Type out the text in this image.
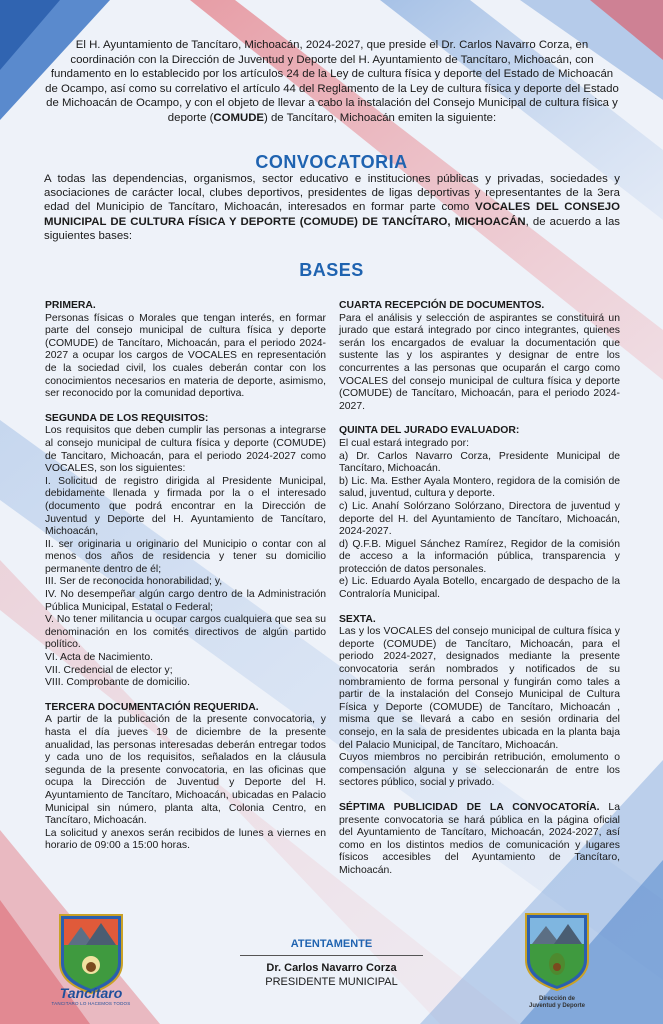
El H. Ayuntamiento de Tancítaro, Michoacán, 2024-2027, que preside el Dr. Carlos Navarro Corza, en coordinación con la Dirección de Juventud y Deporte del H. Ayuntamiento de Tancítaro, Michoacán, con fundamento en lo establecido por los artículos 24 de la Ley de cultura física y deporte del Estado de Michoacán de Ocampo, así como su correlativo el artículo 44 del Reglamento de la Ley de cultura física y deporte del Estado de Michoacán de Ocampo, y con el objeto de llevar a cabo la instalación del Consejo Municipal de cultura física y deporte (COMUDE) de Tancítaro, Michoacán emiten la siguiente:

CONVOCATORIA

A todas las dependencias, organismos, sector educativo e instituciones públicas y privadas, sociedades y asociaciones de carácter local, clubes deportivos, presidentes de ligas deportivas y representantes de la 3era edad del Municipio de Tancítaro, Michoacán, interesados en formar parte como VOCALES DEL CONSEJO MUNICIPAL DE CULTURA FÍSICA Y DEPORTE (COMUDE) DE TANCÍTARO, MICHOACÁN, de acuerdo a las siguientes bases:

BASES

PRIMERA.

Personas físicas o Morales que tengan interés, en formar parte del consejo municipal de cultura física y deporte (COMUDE) de Tancítaro, Michoacán, para el periodo 2024-2027 a ocupar los cargos de VOCALES en representación de la sociedad civil, los cuales deberán contar con los conocimientos necesarios en materia de deporte, asimismo, ser reconocido por la comunidad deportiva.

SEGUNDA DE LOS REQUISITOS:

Los requisitos que deben cumplir las personas a integrarse al consejo municipal de cultura física y deporte (COMUDE) de Tancitaro, Michoacán, para el periodo 2024-2027 como VOCALES, son los siguientes:

I. Solicitud de registro dirigida al Presidente Municipal, debidamente llenada y firmada por la o el interesado (documento que podrá encontrar en la Dirección de Juventud y Deporte del H. Ayuntamiento de Tancítaro, Michoacán,

II. ser originaria u originario del Municipio o contar con al menos dos años de residencia y tener su domicilio permanente dentro de él;

III. Ser de reconocida honorabilidad; y,

IV. No desempeñar algún cargo dentro de la Administración Pública Municipal, Estatal o Federal;

V. No tener militancia u ocupar cargos cualquiera que sea su denominación en los comités directivos de algún partido político.

VI. Acta de Nacimiento.

VII. Credencial de elector y;

VIII. Comprobante de domicilio.

TERCERA DOCUMENTACIÓN REQUERIDA.

A partir de la publicación de la presente convocatoria, y hasta el día jueves 19 de diciembre de la presente anualidad, las personas interesadas deberán entregar todos y cada uno de los requisitos, señalados en la cláusula segunda de la presente convocatoria, en las oficinas que ocupa la Dirección de Juventud y Deporte del H. Ayuntamiento de Tancítaro, Michoacán, ubicadas en Palacio Municipal sin número, planta alta, Colonia Centro, en Tancítaro, Michoacán.

La solicitud y anexos serán recibidos de lunes a viernes en horario de 09:00 a 15:00 horas.

CUARTA RECEPCIÓN DE DOCUMENTOS.

Para el análisis y selección de aspirantes se constituirá un jurado que estará integrado por cinco integrantes, quienes serán los encargados de evaluar la documentación que sustente las y los aspirantes y designar de entre los concurrentes a las personas que ocuparán el cargo como VOCALES del consejo municipal de cultura física y deporte (COMUDE) de Tancítaro, Michoacán, para el periodo 2024-2027.

QUINTA DEL JURADO EVALUADOR:

El cual estará integrado por:

a) Dr. Carlos Navarro Corza, Presidente Municipal de Tancítaro, Michoacán.

b) Lic. Ma. Esther Ayala Montero, regidora de la comisión de salud, juventud, cultura y deporte.

c) Lic. Anahí Solórzano Solórzano, Directora de juventud y deporte del H. del Ayuntamiento de Tancítaro, Michoacán, 2024-2027.

d) Q.F.B. Miguel Sánchez Ramírez, Regidor de la comisión de acceso a la información pública, transparencia y protección de datos personales.

e) Lic. Eduardo Ayala Botello, encargado de despacho de la Contraloría Municipal.

SEXTA.

Las y los VOCALES del consejo municipal de cultura física y deporte (COMUDE) de Tancítaro, Michoacán, para el periodo 2024-2027, designados mediante la presente convocatoria serán nombrados y notificados de su nombramiento de forma personal y fungirán como tales a partir de la instalación del Consejo Municipal de Cultura Física y Deporte (COMUDE) de Tancítaro, Michoacán , misma que se llevará a cabo en sesión ordinaria del consejo, en la sala de presidentes ubicada en la planta baja del Palacio Municipal, de Tancítaro, Michoacán.

Cuyos miembros no percibirán retribución, emolumento o compensación alguna y se seleccionarán de entre los sectores público, social y privado.

SÉPTIMA PUBLICIDAD DE LA CONVOCATORÍA. La presente convocatoria se hará pública en la página oficial del Ayuntamiento de Tancítaro, Michoacán, 2024-2027, así como en los distintos medios de comunicación y lugares físicos accesibles del Ayuntamiento de Tancítaro, Michoacán.

ATENTAMENTE
Dr. Carlos Navarro Corza
PRESIDENTE MUNICIPAL
Tancítaro
TANCITARO LO HACEMOS TODOS
Dirección de
Juventud y Deporte
